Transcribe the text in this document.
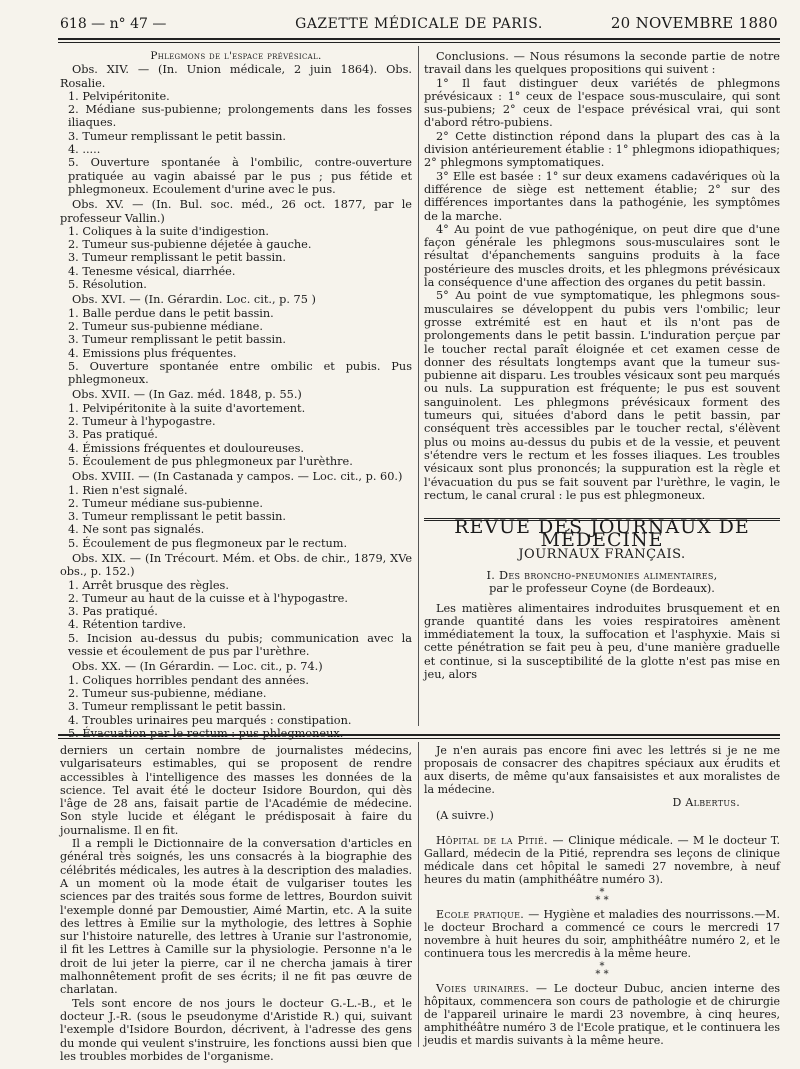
618 — n° 47 —	GAZETTE MÉDICALE DE PARIS.	20 NOVEMBRE 1880

Phlegmons de l'espace prévésical.

Obs. XIV. — (In. Union médicale, 2 juin 1864). Obs. Rosalie.

1. Pelvipéritonite.

2. Médiane sus-pubienne; prolongements dans les fosses iliaques.

3. Tumeur remplissant le petit bassin.

4. .....

5. Ouverture spontanée à l'ombilic, contre-ouverture pratiquée au vagin abaissé par le pus ; pus fétide et phlegmoneux. Ecoulement d'urine avec le pus.

Obs. XV. — (In. Bul. soc. méd., 26 oct. 1877, par le professeur Vallin.)

1. Coliques à la suite d'indigestion.

2. Tumeur sus-pubienne déjetée à gauche.

3. Tumeur remplissant le petit bassin.

4. Tenesme vésical, diarrhée.

5. Résolution.

Obs. XVI. — (In. Gérardin. Loc. cit., p. 75 )

1. Balle perdue dans le petit bassin.

2. Tumeur sus-pubienne médiane.

3. Tumeur remplissant le petit bassin.

4. Emissions plus fréquentes.

5. Ouverture spontanée entre ombilic et pubis. Pus phlegmoneux.

Obs. XVII. — (In Gaz. méd. 1848, p. 55.)

1. Pelvipéritonite à la suite d'avortement.

2. Tumeur à l'hypogastre.

3. Pas pratiqué.

4. Émissions fréquentes et douloureuses.

5. Écoulement de pus phlegmoneux par l'urèthre.

Obs. XVIII. — (In Castanada y campos. — Loc. cit., p. 60.)

1. Rien n'est signalé.

2. Tumeur médiane sus-pubienne.

3. Tumeur remplissant le petit bassin.

4. Ne sont pas signalés.

5. Écoulement de pus flegmoneux par le rectum.

Obs. XIX. — (In Trécourt. Mém. et Obs. de chir., 1879, XVe obs., p. 152.)

1. Arrêt brusque des règles.

2. Tumeur au haut de la cuisse et à l'hypogastre.

3. Pas pratiqué.

4. Rétention tardive.

5. Incision au-dessus du pubis; communication avec la vessie et écoulement de pus par l'urèthre.

Obs. XX. — (In Gérardin. — Loc. cit., p. 74.)

1. Coliques horribles pendant des années.

2. Tumeur sus-pubienne, médiane.

3. Tumeur remplissant le petit bassin.

4. Troubles urinaires peu marqués : constipation.

5. Évacuation par le rectum : pus phlegmoneux.

Conclusions. — Nous résumons la seconde partie de notre travail dans les quelques propositions qui suivent :

1° Il faut distinguer deux variétés de phlegmons prévésicaux : 1° ceux de l'espace sous-musculaire, qui sont sus-pubiens; 2° ceux de l'espace prévésical vrai, qui sont d'abord rétro-pubiens.

2° Cette distinction répond dans la plupart des cas à la division antérieurement établie : 1° phlegmons idiopathiques; 2° phlegmons symptomatiques.

3° Elle est basée : 1° sur deux examens cadavériques où la différence de siège est nettement établie; 2° sur des différences importantes dans la pathogénie, les symptômes de la marche.

4° Au point de vue pathogénique, on peut dire que d'une façon générale les phlegmons sous-musculaires sont le résultat d'épanchements sanguins produits à la face postérieure des muscles droits, et les phlegmons prévésicaux la conséquence d'une affection des organes du petit bassin.

5° Au point de vue symptomatique, les phlegmons sous-musculaires se développent du pubis vers l'ombilic; leur grosse extrémité est en haut et ils n'ont pas de prolongements dans le petit bassin. L'induration perçue par le toucher rectal paraît éloignée et cet examen cesse de donner des résultats longtemps avant que la tumeur sus-pubienne ait disparu. Les troubles vésicaux sont peu marqués ou nuls. La suppuration est fréquente; le pus est souvent sanguinolent. Les phlegmons prévésicaux forment des tumeurs qui, situées d'abord dans le petit bassin, par conséquent très accessibles par le toucher rectal, s'élèvent plus ou moins au-dessus du pubis et de la vessie, et peuvent s'étendre vers le rectum et les fosses iliaques. Les troubles vésicaux sont plus prononcés; la suppuration est la règle et l'évacuation du pus se fait souvent par l'urèthre, le vagin, le rectum, le canal crural : le pus est phlegmoneux.

REVUE DES JOURNAUX DE MÉDECINE

JOURNAUX FRANÇAIS.

I. Des broncho-pneumonies alimentaires,

par le professeur Coyne (de Bordeaux).

Les matières alimentaires indroduites brusquement et en grande quantité dans les voies respiratoires amènent immédiatement la toux, la suffocation et l'asphyxie. Mais si cette pénétration se fait peu à peu, d'une manière graduelle et continue, si la susceptibilité de la glotte n'est pas mise en jeu, alors

derniers un certain nombre de journalistes médecins, vulgarisateurs estimables, qui se proposent de rendre accessibles à l'intelligence des masses les données de la science. Tel avait été le docteur Isidore Bourdon, qui dès l'âge de 28 ans, faisait partie de l'Académie de médecine. Son style lucide et élégant le prédisposait à faire du journalisme. Il en fit.

Il a rempli le Dictionnaire de la conversation d'articles en général très soignés, les uns consacrés à la biographie des célébrités médicales, les autres à la description des maladies. A un moment où la mode était de vulgariser toutes les sciences par des traités sous forme de lettres, Bourdon suivit l'exemple donné par Demoustier, Aimé Martin, etc. A la suite des lettres à Emilie sur la mythologie, des lettres à Sophie sur l'histoire naturelle, des lettres à Uranie sur l'astronomie, il fit les Lettres à Camille sur la physiologie. Personne n'a le droit de lui jeter la pierre, car il ne chercha jamais à tirer malhonnêtement profit de ses écrits; il ne fit pas œuvre de charlatan.

Tels sont encore de nos jours le docteur G.-L.-B., et le docteur J.-R. (sous le pseudonyme d'Aristide R.) qui, suivant l'exemple d'Isidore Bourdon, décrivent, à l'adresse des gens du monde qui veulent s'instruire, les fonctions aussi bien que les troubles morbides de l'organisme.

Je n'en aurais pas encore fini avec les lettrés si je ne me proposais de consacrer des chapitres spéciaux aux érudits et aux diserts, de même qu'aux fansaisistes et aux moralistes de la médecine.

D Albertus.

(A suivre.)

Hôpital de la Pitié. — Clinique médicale. — M le docteur T. Gallard, médecin de la Pitié, reprendra ses leçons de clinique médicale dans cet hôpital le samedi 27 novembre, à neuf heures du matin (amphithéâtre numéro 3).

*
* *

Ecole pratique. — Hygiène et maladies des nourrissons.—M. le docteur Brochard a commencé ce cours le mercredi 17 novembre à huit heures du soir, amphithéâtre numéro 2, et le continuera tous les mercredis à la même heure.

*
* *

Voies urinaires. — Le docteur Dubuc, ancien interne des hôpitaux, commencera son cours de pathologie et de chirurgie de l'appareil urinaire le mardi 23 novembre, à cinq heures, amphithéâtre numéro 3 de l'Ecole pratique, et le continuera les jeudis et mardis suivants à la même heure.
